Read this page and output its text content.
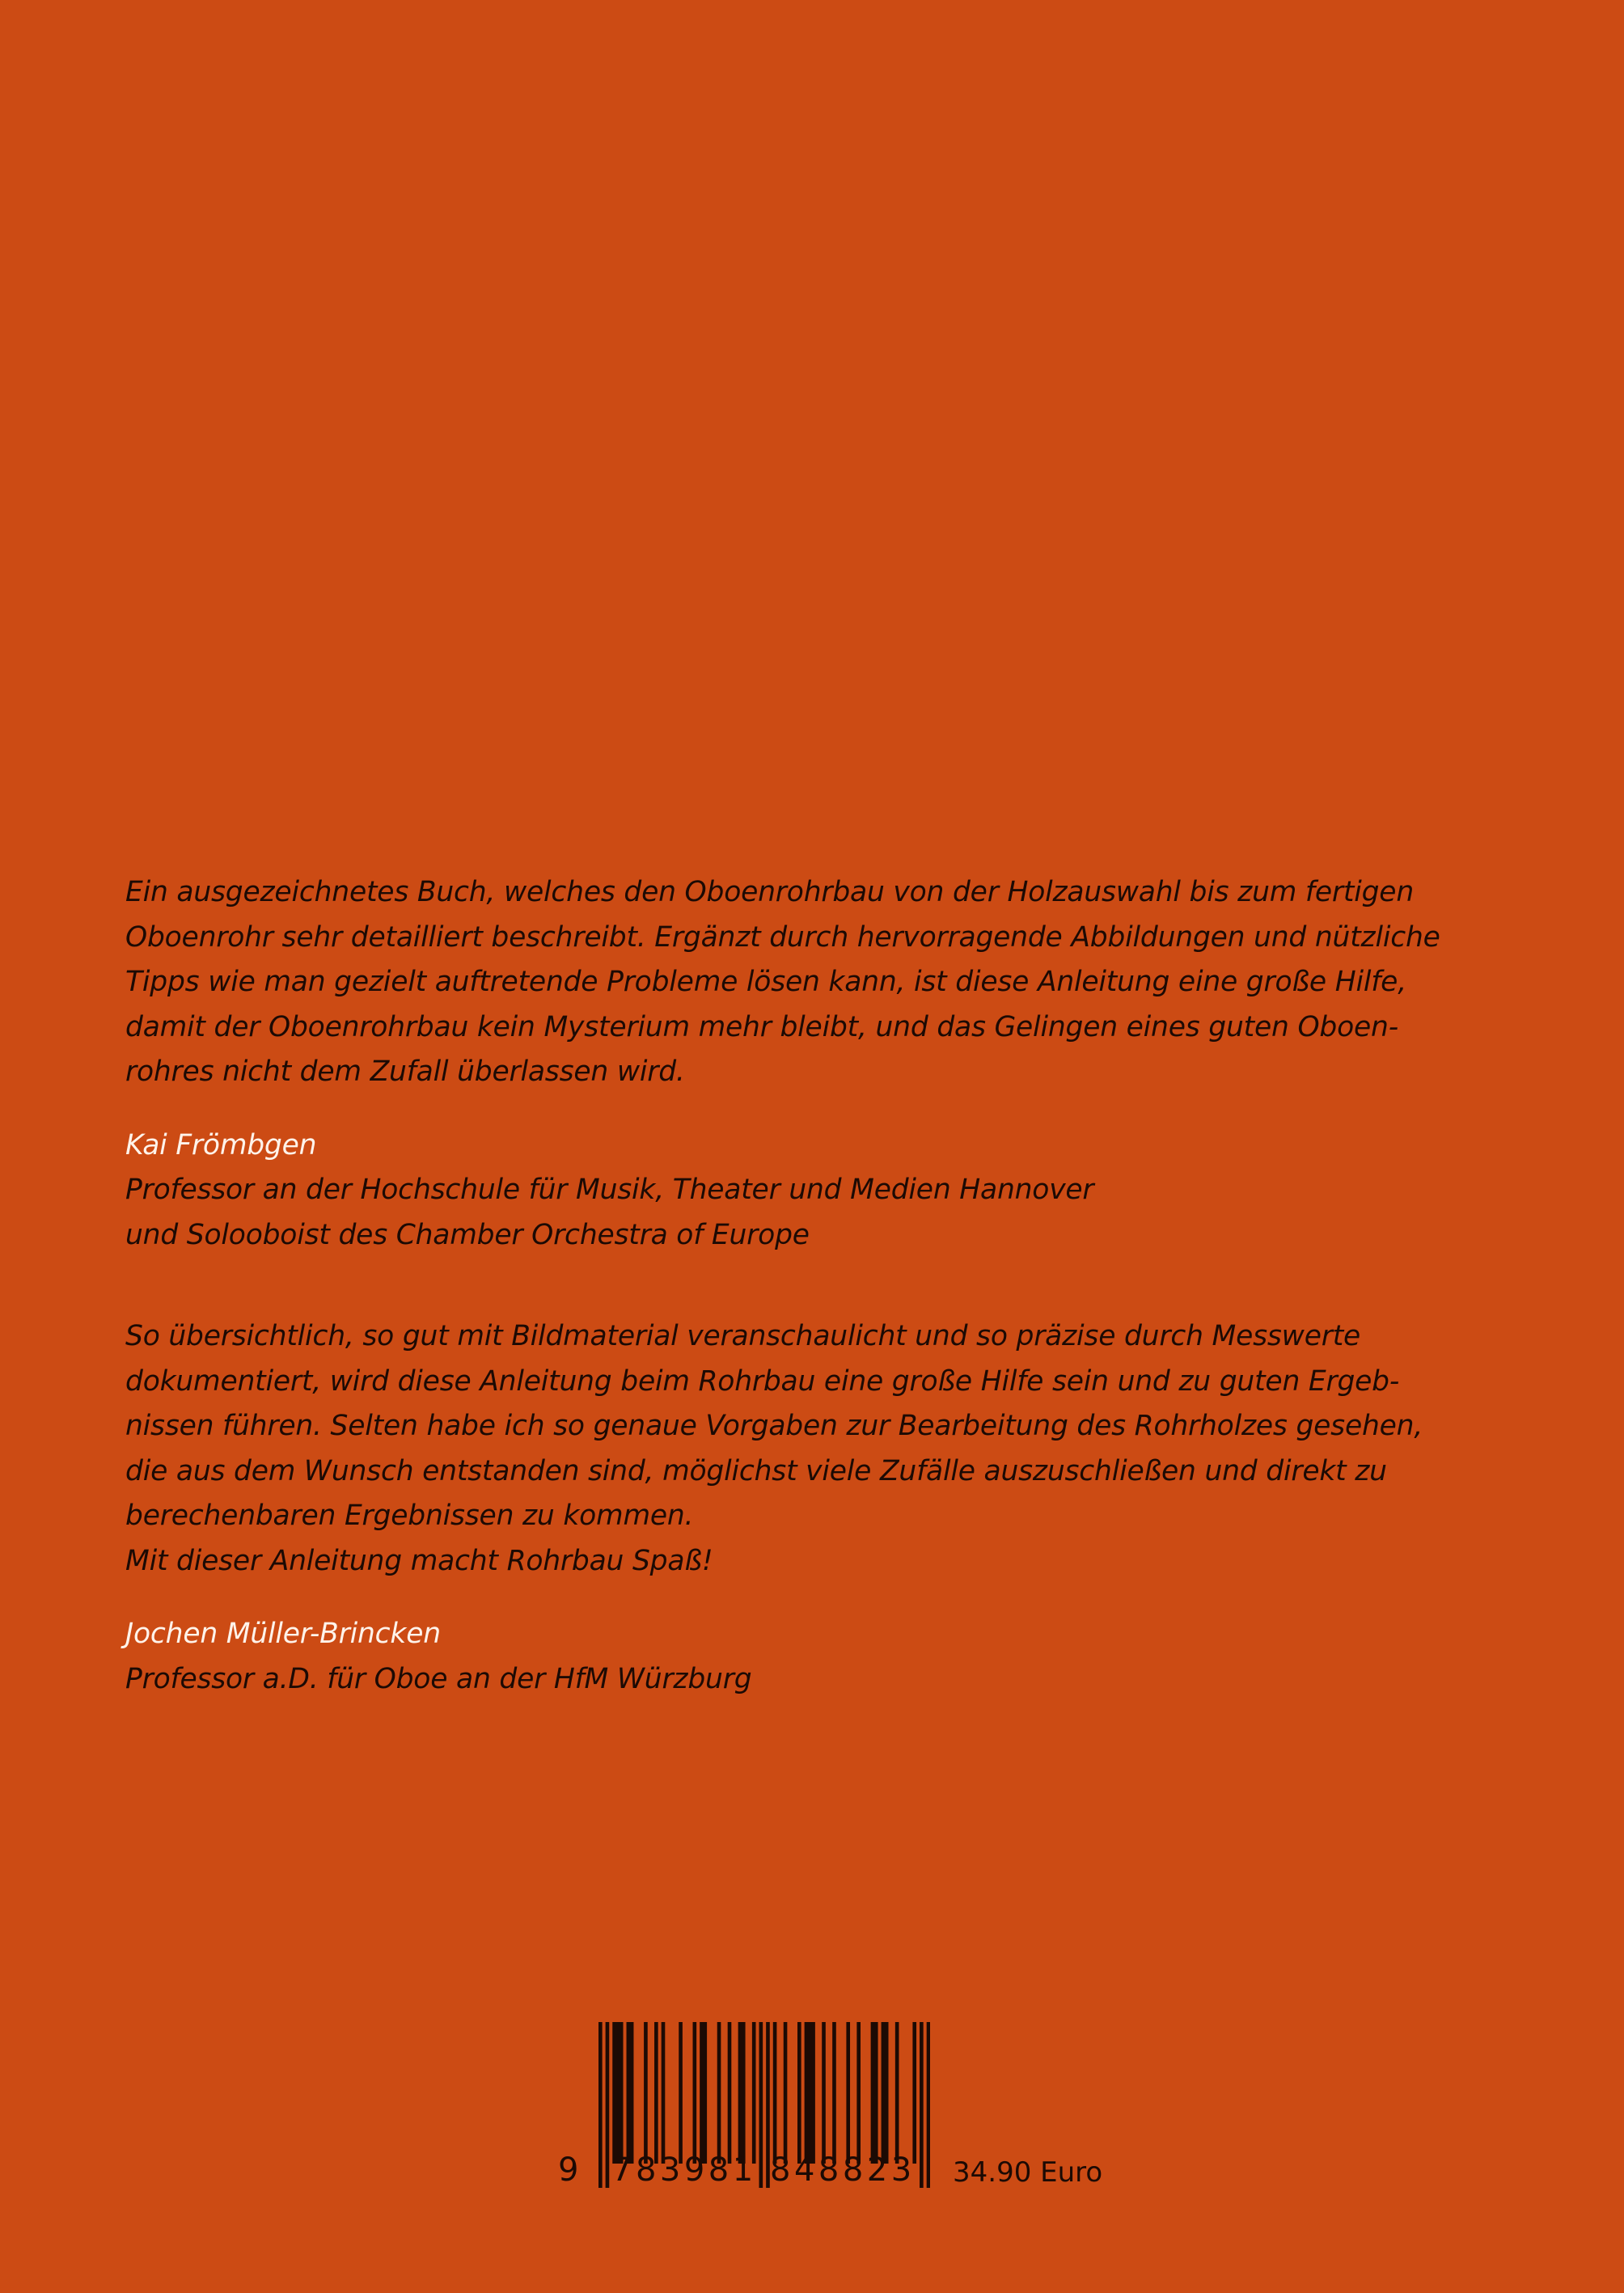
Ein ausgezeichnetes Buch, welches den Oboenrohrbau von der Holzauswahl bis zum fertigen
Oboenrohr sehr detailliert beschreibt. Ergänzt durch hervorragende Abbildungen und nützliche
Tipps wie man gezielt auftretende Probleme lösen kann, ist diese Anleitung eine große Hilfe,
damit der Oboenrohrbau kein Mysterium mehr bleibt, und das Gelingen eines guten Oboen-
rohres nicht dem Zufall überlassen wird.

Kai Frömbgen
Professor an der Hochschule für Musik, Theater und Medien Hannover
und Solooboist des Chamber Orchestra of Europe

So übersichtlich, so gut mit Bildmaterial veranschaulicht und so präzise durch Messwerte
dokumentiert, wird diese Anleitung beim Rohrbau eine große Hilfe sein und zu guten Ergeb-
nissen führen. Selten habe ich so genaue Vorgaben zur Bearbeitung des Rohrholzes gesehen,
die aus dem Wunsch entstanden sind, möglichst viele Zufälle auszuschließen und direkt zu
berechenbaren Ergebnissen zu kommen.
Mit dieser Anleitung macht Rohrbau Spaß!

Jochen Müller-Brincken
Professor a.D. für Oboe an der HfM Würzburg

9 783981 848823 34.90 Euro
